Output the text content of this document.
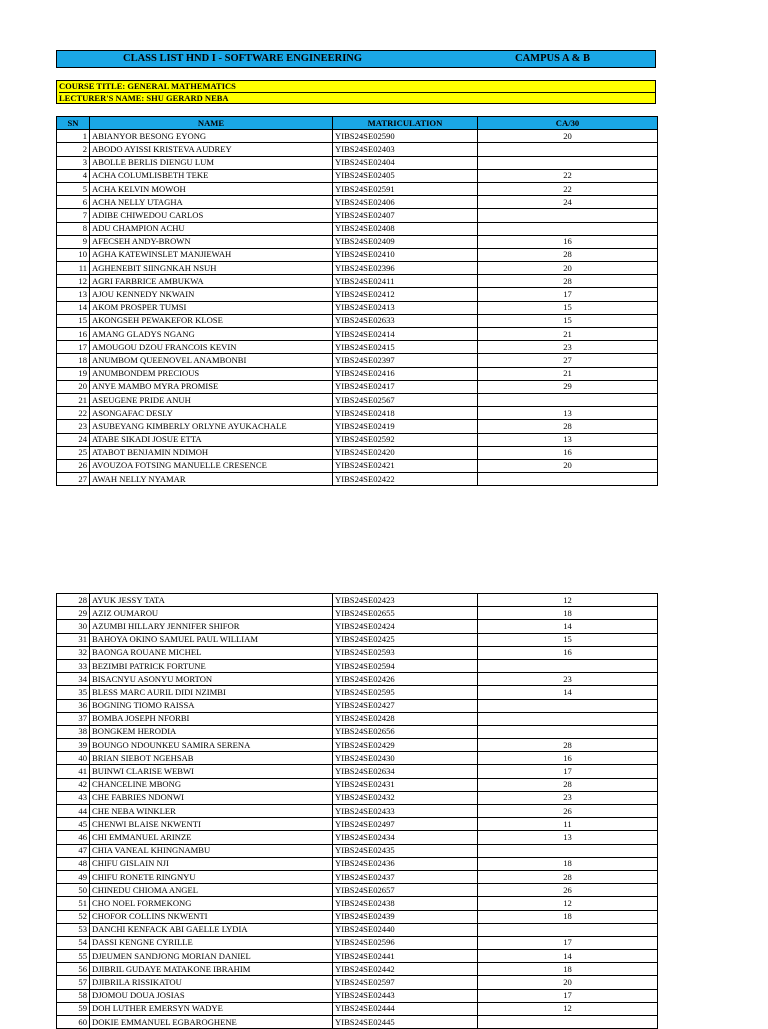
CLASS LIST HND I - SOFTWARE ENGINEERING	CAMPUS A & B
COURSE TITLE: GENERAL MATHEMATICS
LECTURER'S NAME: SHU GERARD NEBA
SN	NAME	MATRICULATION	CA/30
1	ABIANYOR BESONG EYONG	YIBS24SE02590	20
2	ABODO AYISSI KRISTEVA AUDREY	YIBS24SE02403	
3	ABOLLE BERLIS DIENGU LUM	YIBS24SE02404	
4	ACHA COLUMLISBETH TEKE	YIBS24SE02405	22
5	ACHA KELVIN MOWOH	YIBS24SE02591	22
6	ACHA NELLY UTAGHA	YIBS24SE02406	24
7	ADIBE CHIWEDOU CARLOS	YIBS24SE02407	
8	ADU CHAMPION ACHU	YIBS24SE02408	
9	AFECSEH ANDY-BROWN	YIBS24SE02409	16
10	AGHA KATEWINSLET MANJIEWAH	YIBS24SE02410	28
11	AGHENEBIT SIINGNKAH NSUH	YIBS24SE02396	20
12	AGRI FARBRICE AMBUKWA	YIBS24SE02411	28
13	AJOU KENNEDY NKWAIN	YIBS24SE02412	17
14	AKOM PROSPER TUMSI	YIBS24SE02413	15
15	AKONGSEH PEWAKEFOR KLOSE	YIBS24SE02633	15
16	AMANG GLADYS NGANG	YIBS24SE02414	21
17	AMOUGOU DZOU FRANCOIS KEVIN	YIBS24SE02415	23
18	ANUMBOM QUEENOVEL ANAMBONBI	YIBS24SE02397	27
19	ANUMBONDEM PRECIOUS	YIBS24SE02416	21
20	ANYE MAMBO MYRA PROMISE	YIBS24SE02417	29
21	ASEUGENE PRIDE ANUH	YIBS24SE02567	
22	ASONGAFAC DESLY	YIBS24SE02418	13
23	ASUBEYANG KIMBERLY ORLYNE AYUKACHALE	YIBS24SE02419	28
24	ATABE SIKADI JOSUE ETTA	YIBS24SE02592	13
25	ATABOT BENJAMIN NDIMOH	YIBS24SE02420	16
26	AVOUZOA FOTSING MANUELLE CRESENCE	YIBS24SE02421	20
27	AWAH NELLY NYAMAR	YIBS24SE02422	
28	AYUK JESSY TATA	YIBS24SE02423	12
29	AZIZ OUMAROU	YIBS24SE02655	18
30	AZUMBI HILLARY JENNIFER SHIFOR	YIBS24SE02424	14
31	BAHOYA OKINO SAMUEL PAUL WILLIAM	YIBS24SE02425	15
32	BAONGA ROUANE MICHEL	YIBS24SE02593	16
33	BEZIMBI PATRICK FORTUNE	YIBS24SE02594	
34	BISACNYU ASONYU MORTON	YIBS24SE02426	23
35	BLESS MARC AURIL DIDI NZIMBI	YIBS24SE02595	14
36	BOGNING TIOMO RAISSA	YIBS24SE02427	
37	BOMBA JOSEPH NFORBI	YIBS24SE02428	
38	BONGKEM HERODIA	YIBS24SE02656	
39	BOUNGO NDOUNKEU SAMIRA SERENA	YIBS24SE02429	28
40	BRIAN SIEBOT NGEHSAB	YIBS24SE02430	16
41	BUINWI CLARISE WEBWI	YIBS24SE02634	17
42	CHANCELINE MBONG	YIBS24SE02431	28
43	CHE FABRIES NDONWI	YIBS24SE02432	23
44	CHE NEBA WINKLER	YIBS24SE02433	26
45	CHENWI BLAISE NKWENTI	YIBS24SE02497	11
46	CHI EMMANUEL ARINZE	YIBS24SE02434	13
47	CHIA VANEAL KHINGNAMBU	YIBS24SE02435	
48	CHIFU GISLAIN NJI	YIBS24SE02436	18
49	CHIFU RONETE RINGNYU	YIBS24SE02437	28
50	CHINEDU CHIOMA ANGEL	YIBS24SE02657	26
51	CHO NOEL FORMEKONG	YIBS24SE02438	12
52	CHOFOR COLLINS NKWENTI	YIBS24SE02439	18
53	DANCHI KENFACK ABI GAELLE LYDIA	YIBS24SE02440	
54	DASSI KENGNE CYRILLE	YIBS24SE02596	17
55	DJEUMEN SANDJONG MORIAN DANIEL	YIBS24SE02441	14
56	DJIBRIL GUDAYE MATAKONE IBRAHIM	YIBS24SE02442	18
57	DJIBRILA RISSIKATOU	YIBS24SE02597	20
58	DJOMOU DOUA JOSIAS	YIBS24SE02443	17
59	DOH LUTHER EMERSYN WADYE	YIBS24SE02444	12
60	DOKIE EMMANUEL EGBAROGHENE	YIBS24SE02445	
